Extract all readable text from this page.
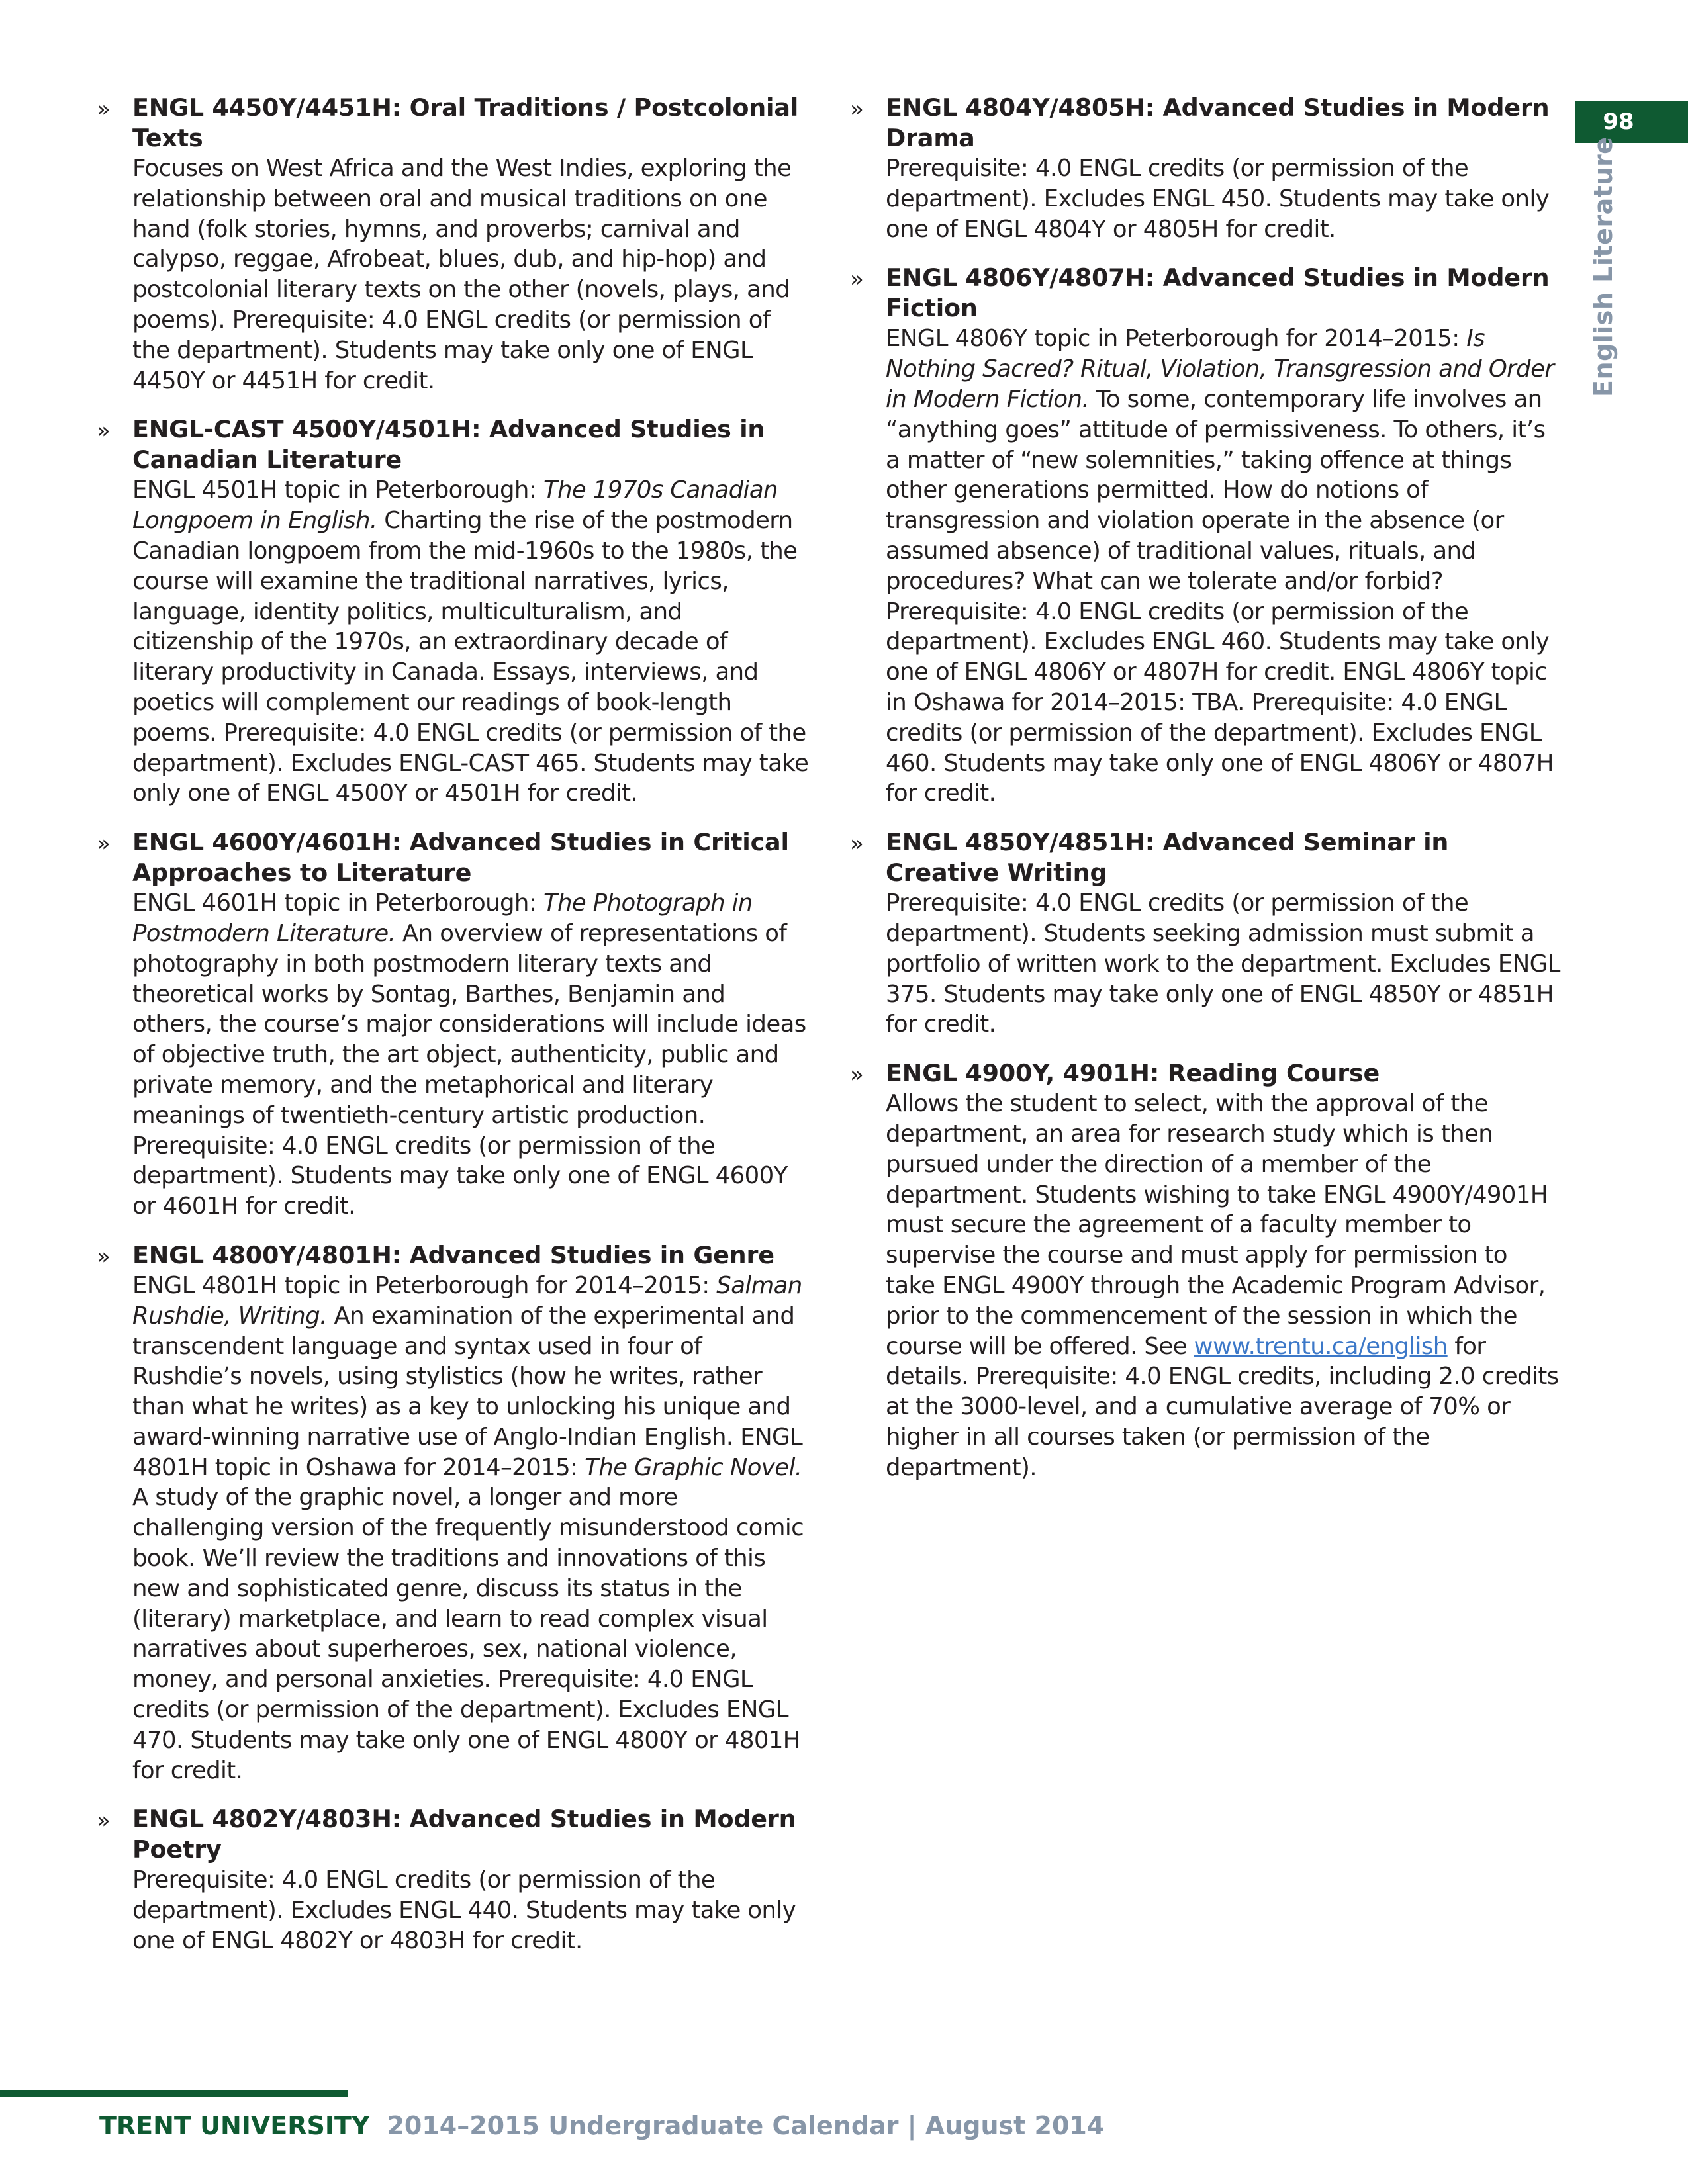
98
English Literature
» ENGL 4450Y/4451H: Oral Traditions / Postcolonial Texts

Focuses on West Africa and the West Indies, exploring the relationship between oral and musical traditions on one hand (folk stories, hymns, and proverbs; carnival and calypso, reggae, Afrobeat, blues, dub, and hip-hop) and postcolonial literary texts on the other (novels, plays, and poems). Prerequisite: 4.0 ENGL credits (or permission of the department). Students may take only one of ENGL 4450Y or 4451H for credit.

» ENGL-CAST 4500Y/4501H: Advanced Studies in Canadian Literature

ENGL 4501H topic in Peterborough: The 1970s Canadian Longpoem in English. Charting the rise of the postmodern Canadian longpoem from the mid-1960s to the 1980s, the course will examine the traditional narratives, lyrics, language, identity politics, multiculturalism, and citizenship of the 1970s, an extraordinary decade of literary productivity in Canada. Essays, interviews, and poetics will complement our readings of book-length poems. Prerequisite: 4.0 ENGL credits (or permission of the department). Excludes ENGL-CAST 465. Students may take only one of ENGL 4500Y or 4501H for credit.

» ENGL 4600Y/4601H: Advanced Studies in Critical Approaches to Literature

ENGL 4601H topic in Peterborough: The Photograph in Postmodern Literature. An overview of representations of photography in both postmodern literary texts and theoretical works by Sontag, Barthes, Benjamin and others, the course’s major considerations will include ideas of objective truth, the art object, authenticity, public and private memory, and the metaphorical and literary meanings of twentieth-century artistic production. Prerequisite: 4.0 ENGL credits (or permission of the department). Students may take only one of ENGL 4600Y or 4601H for credit.

» ENGL 4800Y/4801H: Advanced Studies in Genre

ENGL 4801H topic in Peterborough for 2014–2015: Salman Rushdie, Writing. An examination of the experimental and transcendent language and syntax used in four of Rushdie’s novels, using stylistics (how he writes, rather than what he writes) as a key to unlocking his unique and award-winning narrative use of Anglo-Indian English. ENGL 4801H topic in Oshawa for 2014–2015: The Graphic Novel. A study of the graphic novel, a longer and more challenging version of the frequently misunderstood comic book. We’ll review the traditions and innovations of this new and sophisticated genre, discuss its status in the (literary) marketplace, and learn to read complex visual narratives about superheroes, sex, national violence, money, and personal anxieties. Prerequisite: 4.0 ENGL credits (or permission of the department). Excludes ENGL 470. Students may take only one of ENGL 4800Y or 4801H for credit.

» ENGL 4802Y/4803H: Advanced Studies in Modern Poetry

Prerequisite: 4.0 ENGL credits (or permission of the department). Excludes ENGL 440. Students may take only one of ENGL 4802Y or 4803H for credit.

» ENGL 4804Y/4805H: Advanced Studies in Modern Drama

Prerequisite: 4.0 ENGL credits (or permission of the department). Excludes ENGL 450. Students may take only one of ENGL 4804Y or 4805H for credit.

» ENGL 4806Y/4807H: Advanced Studies in Modern Fiction

ENGL 4806Y topic in Peterborough for 2014–2015: Is Nothing Sacred? Ritual, Violation, Transgression and Order in Modern Fiction. To some, contemporary life involves an “anything goes” attitude of permissiveness. To others, it’s a matter of “new solemnities,” taking offence at things other generations permitted. How do notions of transgression and violation operate in the absence (or assumed absence) of traditional values, rituals, and procedures? What can we tolerate and/or forbid? Prerequisite: 4.0 ENGL credits (or permission of the department). Excludes ENGL 460. Students may take only one of ENGL 4806Y or 4807H for credit. ENGL 4806Y topic in Oshawa for 2014–2015: TBA. Prerequisite: 4.0 ENGL credits (or permission of the department). Excludes ENGL 460. Students may take only one of ENGL 4806Y or 4807H for credit.

» ENGL 4850Y/4851H: Advanced Seminar in Creative Writing

Prerequisite: 4.0 ENGL credits (or permission of the department). Students seeking admission must submit a portfolio of written work to the department. Excludes ENGL 375. Students may take only one of ENGL 4850Y or 4851H for credit.

» ENGL 4900Y, 4901H: Reading Course

Allows the student to select, with the approval of the department, an area for research study which is then pursued under the direction of a member of the department. Students wishing to take ENGL 4900Y/4901H must secure the agreement of a faculty member to supervise the course and must apply for permission to take ENGL 4900Y through the Academic Program Advisor, prior to the commencement of the session in which the course will be offered. See www.trentu.ca/english for details. Prerequisite: 4.0 ENGL credits, including 2.0 credits at the 3000-level, and a cumulative average of 70% or higher in all courses taken (or permission of the department).

TRENT UNIVERSITY 2014–2015 Undergraduate Calendar | August 2014
